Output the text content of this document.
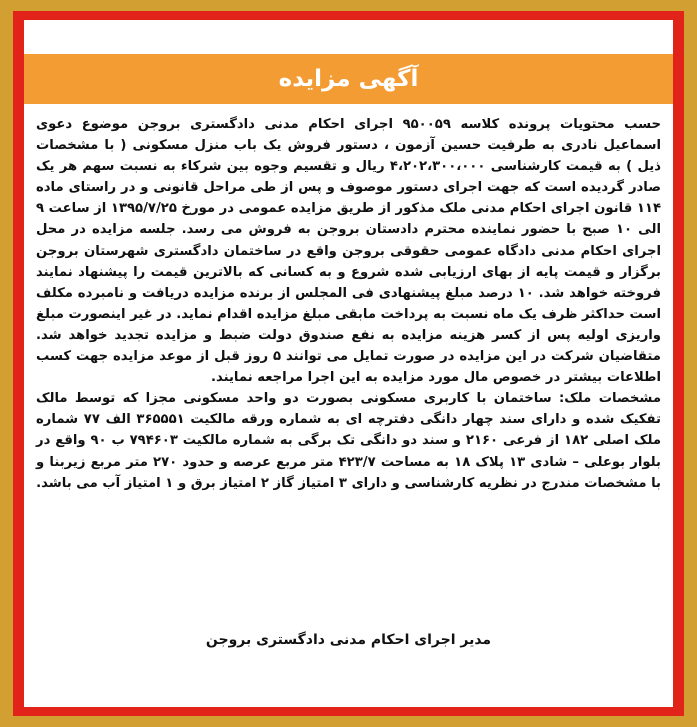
آگهی مزایده

حسب محتویات پرونده کلاسه ۹۵۰۰۵۹ اجرای احکام مدنی دادگستری بروجن موضوع دعوی اسماعیل نادری به طرفیت حسین آزمون ، دستور فروش یک باب منزل مسکونی ( با مشخصات ذیل ) به قیمت کارشناسی ۴،۲۰۲،۳۰۰،۰۰۰ ریال و تقسیم وجوه بین شرکاء به نسبت سهم هر یک صادر گردیده است که جهت اجرای دستور موصوف و پس از طی مراحل قانونی و در راستای ماده ۱۱۴ قانون اجرای احکام مدنی ملک مذکور از طریق مزایده عمومی در مورخ ۱۳۹۵/۷/۲۵ از ساعت ۹ الی ۱۰ صبح با حضور نماینده محترم دادستان بروجن به فروش می رسد. جلسه مزایده در محل اجرای احکام مدنی دادگاه عمومی حقوقی بروجن واقع در ساختمان دادگستری شهرستان بروجن برگزار و قیمت پایه از بهای ارزیابی شده شروع و به کسانی که بالاترین قیمت را پیشنهاد نمایند فروخته خواهد شد. ۱۰ درصد مبلغ پیشنهادی فی المجلس از برنده مزایده دریافت و نامبرده مکلف است حداکثر ظرف یک ماه نسبت به پرداخت مابقی مبلغ مزایده اقدام نماید. در غیر اینصورت مبلغ واریزی اولیه پس از کسر هزینه مزایده به نفع صندوق دولت ضبط و مزایده تجدید خواهد شد. متقاضیان شرکت در این مزایده در صورت تمایل می توانند ۵ روز قبل از موعد مزایده جهت کسب اطلاعات بیشتر در خصوص مال مورد مزایده به این اجرا مراجعه نمایند.

مشخصات ملک: ساختمان با کاربری مسکونی بصورت دو واحد مسکونی مجزا که توسط مالک تفکیک شده و دارای سند چهار دانگی دفترچه ای به شماره ورقه مالکیت ۳۶۵۵۵۱ الف ۷۷ شماره ملک اصلی ۱۸۲ از فرعی ۲۱۶۰ و سند دو دانگی تک برگی به شماره مالکیت ۷۹۴۶۰۳ ب ۹۰ واقع در بلوار بوعلی – شادی ۱۳ پلاک ۱۸ به مساحت ۴۲۳/۷ متر مربع عرصه و حدود ۲۷۰ متر مربع زیربنا و با مشخصات مندرج در نظریه کارشناسی و دارای ۳ امتیاز گاز ۲ امتیاز برق و ۱ امتیاز آب می باشد.

مدیر اجرای احکام مدنی دادگستری بروجن
